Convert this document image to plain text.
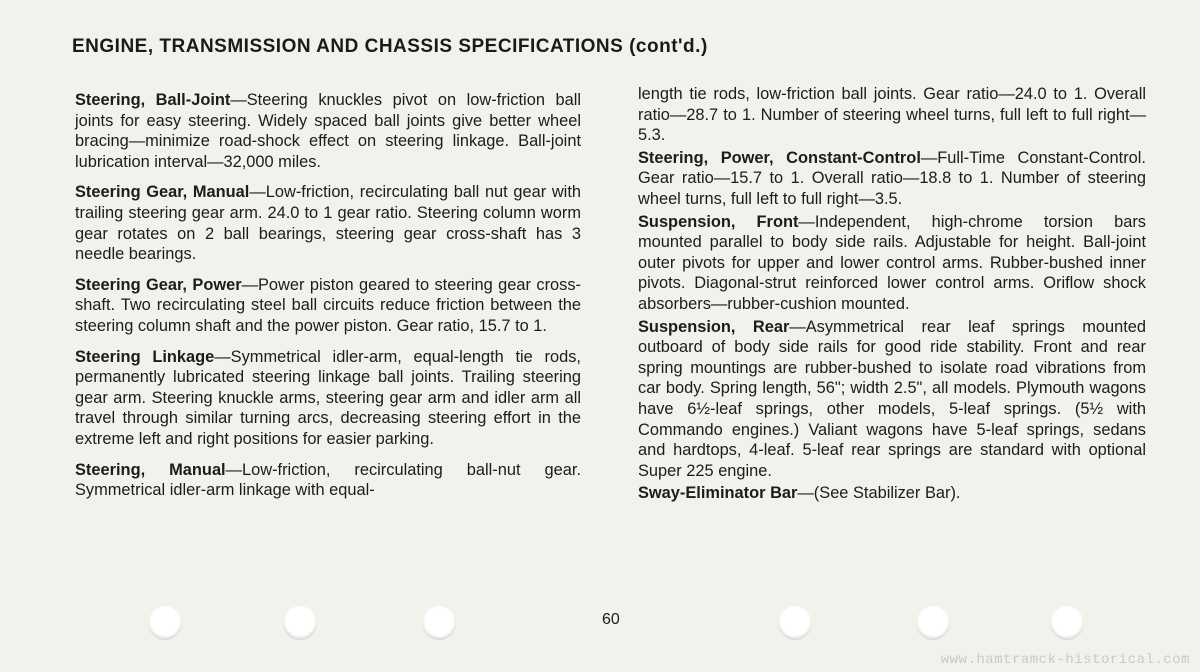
ENGINE, TRANSMISSION AND CHASSIS SPECIFICATIONS (cont'd.)

Steering, Ball-Joint—Steering knuckles pivot on low-friction ball joints for easy steering. Widely spaced ball joints give better wheel bracing—minimize road-shock effect on steering linkage. Ball-joint lubrication interval—32,000 miles.

Steering Gear, Manual—Low-friction, recirculating ball nut gear with trailing steering gear arm. 24.0 to 1 gear ratio. Steering column worm gear rotates on 2 ball bearings, steering gear cross-shaft has 3 needle bearings.

Steering Gear, Power—Power piston geared to steering gear cross-shaft. Two recirculating steel ball circuits reduce friction between the steering column shaft and the power piston. Gear ratio, 15.7 to 1.

Steering Linkage—Symmetrical idler-arm, equal-length tie rods, permanently lubricated steering linkage ball joints. Trailing steering gear arm. Steering knuckle arms, steering gear arm and idler arm all travel through similar turning arcs, decreasing steering effort in the extreme left and right positions for easier parking.

Steering, Manual—Low-friction, recirculating ball-nut gear. Symmetrical idler-arm linkage with equal-

length tie rods, low-friction ball joints. Gear ratio—24.0 to 1. Overall ratio—28.7 to 1. Number of steering wheel turns, full left to full right—5.3.

Steering, Power, Constant-Control—Full-Time Constant-Control. Gear ratio—15.7 to 1. Overall ratio—18.8 to 1. Number of steering wheel turns, full left to full right—3.5.

Suspension, Front—Independent, high-chrome torsion bars mounted parallel to body side rails. Adjustable for height. Ball-joint outer pivots for upper and lower control arms. Rubber-bushed inner pivots. Diagonal-strut reinforced lower control arms. Oriflow shock absorbers—rubber-cushion mounted.

Suspension, Rear—Asymmetrical rear leaf springs mounted outboard of body side rails for good ride stability. Front and rear spring mountings are rubber-bushed to isolate road vibrations from car body. Spring length, 56"; width 2.5", all models. Plymouth wagons have 6½-leaf springs, other models, 5-leaf springs. (5½ with Commando engines.) Valiant wagons have 5-leaf springs, sedans and hardtops, 4-leaf. 5-leaf rear springs are standard with optional Super 225 engine.

Sway-Eliminator Bar—(See Stabilizer Bar).

60
www.hamtramck-historical.com
